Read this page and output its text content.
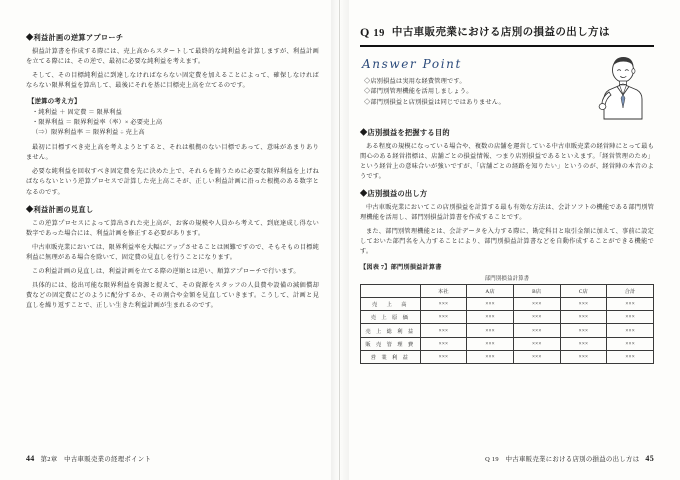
◆利益計画の逆算アプローチ

損益計算書を作成する際には、売上高からスタートして最終的な純利益を計算しますが、利益計画を立てる際には、その逆で、最初に必要な純利益を考えます。

そして、その目標純利益に到達しなければならない固定費を加えることによって、確保しなければならない限界利益を算出して、最後にそれを基に目標売上高を立てるのです。

【逆算の考え方】
・純利益 ＋ 固定費 ＝ 限界利益
・限界利益 ＝ 限界利益率（率）× 必要売上高
（⇒）限界利益率 ＝ 限界利益 ÷ 売上高

最初に目標すべき売上高を考えようとすると、それは根拠のない目標であって、意味があまりありません。

必要な純利益を回収すべき固定費を先に決めた上で、それらを賄うために必要な限界利益を上げねばならないという逆算プロセスで計算した売上高こそが、正しい利益計画に沿った根拠のある数字となるのです。

◆利益計画の見直し

この逆算プロセスによって算出された売上高が、お客の規模や人員から考えて、到底達成し得ない数字であった場合には、利益計画を修正する必要があります。

中古車販売業においては、限界利益率を大幅にアップさせることは困難ですので、そもそもの目標純利益に無理がある場合を除いて、固定費の見直しを行うことになります。

この利益計画の見直しは、利益計画を立てる際の逆順とは逆い、順算アプローチで行います。

具体的には、捻出可能な限界利益を資源と捉えて、その資源をスタッフの人員費や設備の減価償却費などの固定費にどのように配分するか、その割合や金額を見直していきます。こうして、計画と見直しを繰り返すことで、正しい生きた利益計画が生まれるのです。

44 第2章　中古車販売業の経理ポイント
Q 19 中古車販売業における店別の損益の出し方は
Answer Point
◇店別損益は実用な経費管理です。
◇部門別管理機能を活用しましょう。
◇部門別損益と店別損益は同じではありません。
◆店別損益を把握する目的

ある程度の規模になっている場合や、複数の店舗を運営している中古車販売業の経営陣にとって最も関心のある経営指標は、店舗ごとの損益情報、つまり店別損益であるといえます。「経営管理のため」という経営上の意味合いが強いですが、「店舗ごとの経路を知りたい」というのが、経営陣の本音のようです。

◆店別損益の出し方

中古車販売業においてこの店別損益を計算する最も有効な方法は、会計ソフトの機能である部門別管理機能を活用し、部門別損益計算書を作成することです。

また、部門別管理機能とは、会計データを入力する際に、勘定科目と取引金額に加えて、事前に設定しておいた部門名を入力することにより、部門別損益計算書などを自動作成することができる機能です。

【図表 7】部門別損益計算書
部門別損益計算書
	本社	A店	B店	C店	合計
売　上　高	×××	×××	×××	×××	×××
売 上 原 価	×××	×××	×××	×××	×××
売 上 総 利 益	×××	×××	×××	×××	×××
販 売 管 理 費	×××	×××	×××	×××	×××
営 業 利 益	×××	×××	×××	×××	×××
Q 19　中古車販売業における店別の損益の出し方は 45
